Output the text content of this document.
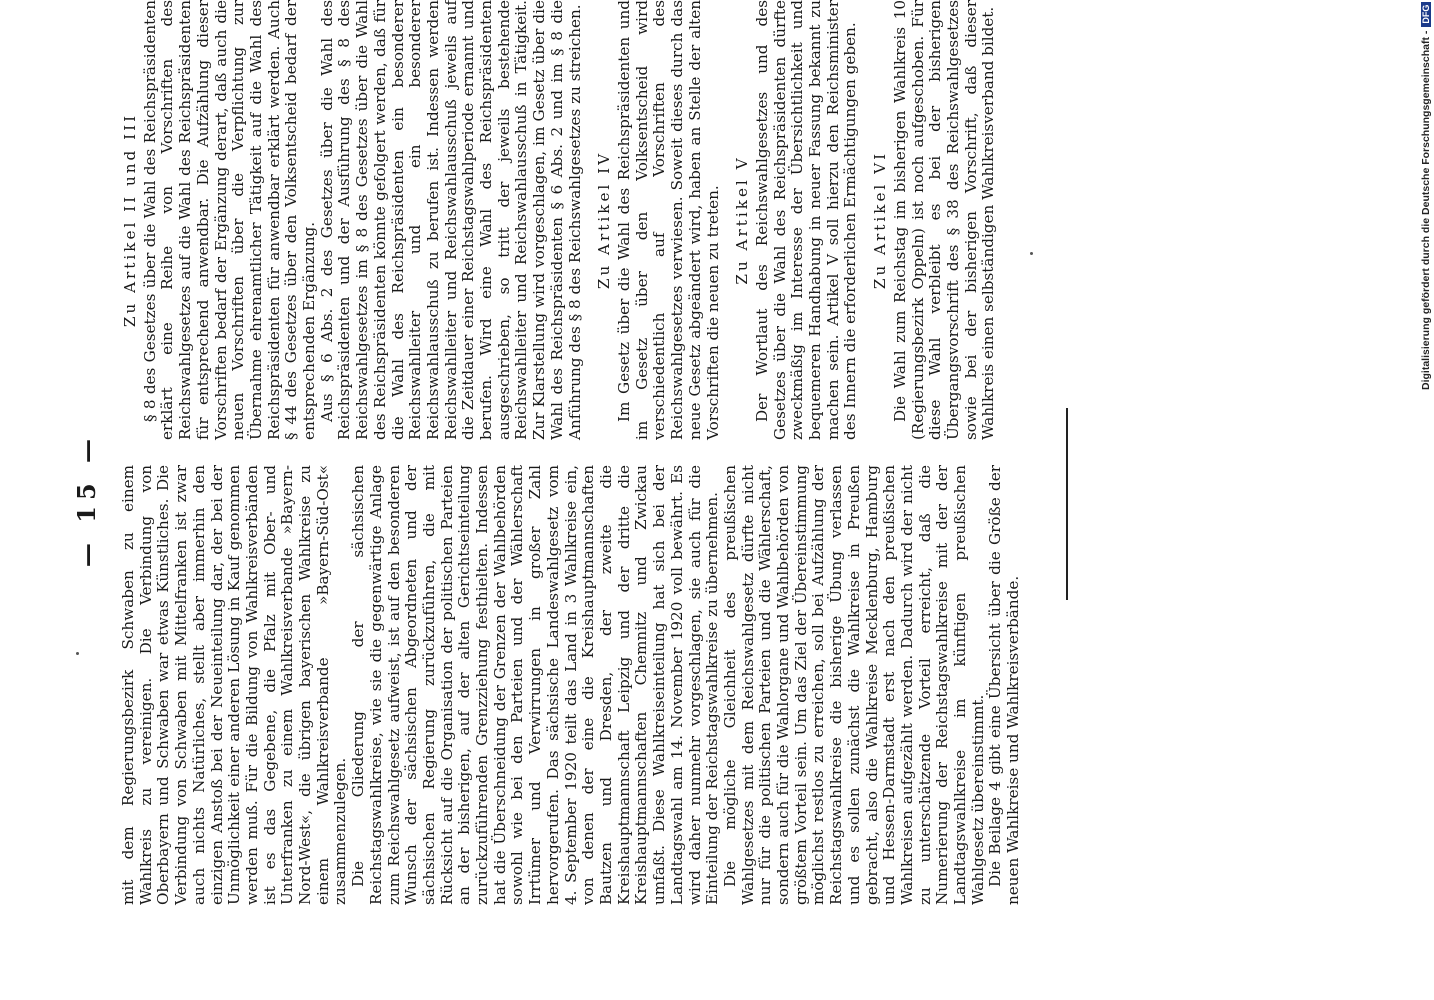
— 15 — mit dem Regierungsbezirk Schwaben zu einem Wahlkreis zu vereinigen. Die Verbindung von Oberbayern und Schwaben war etwas Künstliches. Die Verbindung von Schwaben mit Mittelfranken ist zwar auch nichts Natürliches, stellt aber immerhin den einzigen Anstoß bei der Neueinteilung dar, der bei der Unmöglichkeit einer anderen Lösung in Kauf genommen werden muß. Für die Bildung von Wahlkreisverbänden ist es das Gegebene, die Pfalz mit Ober- und Unterfranken zu einem Wahlkreisverbande »Bayern-Nord-West«, die übrigen bayerischen Wahlkreise zu einem Wahlkreisverbande »Bayern-Süd-Ost« zusammenzulegen. Die Gliederung der sächsischen Reichstagswahlkreise, wie sie die gegenwärtige Anlage zum Reichswahlgesetz aufweist, ist auf den besonderen Wunsch der sächsischen Abgeordneten und der sächsischen Regierung zurückzuführen, die mit Rücksicht auf die Organisation der politischen Parteien an der bisherigen, auf der alten Gerichtseinteilung zurückzuführenden Grenzziehung festhielten. Indessen hat die Überschneidung der Grenzen der Wahlbehörden sowohl wie bei den Parteien und der Wählerschaft Irrtümer und Verwirrungen in großer Zahl hervorgerufen. Das sächsische Landeswahlgesetz vom 4. September 1920 teilt das Land in 3 Wahlkreise ein, von denen der eine die Kreishauptmannschaften Bautzen und Dresden, der zweite die Kreishauptmannschaft Leipzig und der dritte die Kreishauptmannschaften Chemnitz und Zwickau umfaßt. Diese Wahlkreiseinteilung hat sich bei der Landtagswahl am 14. November 1920 voll bewährt. Es wird daher nunmehr vorgeschlagen, sie auch für die Einteilung der Reichstagswahlkreise zu übernehmen. Die mögliche Gleichheit des preußischen Wahlgesetzes mit dem Reichswahlgesetz dürfte nicht nur für die politischen Parteien und die Wählerschaft, sondern auch für die Wahlorgane und Wahlbehörden von größtem Vorteil sein. Um das Ziel der Übereinstimmung möglichst restlos zu erreichen, soll bei Aufzählung der Reichstagswahlkreise die bisherige Übung verlassen und es sollen zunächst die Wahlkreise in Preußen gebracht, also die Wahlkreise Mecklenburg, Hamburg und Hessen-Darmstadt erst nach den preußischen Wahlkreisen aufgezählt werden. Dadurch wird der nicht zu unterschätzende Vorteil erreicht, daß die Numerierung der Reichstagswahlkreise mit der der Landtagswahlkreise im künftigen preußischen Wahlgesetz übereinstimmt. Die Beilage 4 gibt eine Übersicht über die Größe der neuen Wahlkreise und Wahlkreisverbände.

Zu Artikel II und III § 8 des Gesetzes über die Wahl des Reichspräsidenten erklärt eine Reihe von Vorschriften des Reichswahlgesetzes auf die Wahl des Reichspräsidenten für entsprechend anwendbar. Die Aufzählung dieser Vorschriften bedarf der Ergänzung derart, daß auch die neuen Vorschriften über die Verpflichtung zur Übernahme ehrenamtlicher Tätigkeit auf die Wahl des Reichspräsidenten für anwendbar erklärt werden. Auch § 44 des Gesetzes über den Volksentscheid bedarf der entsprechenden Ergänzung. Aus § 6 Abs. 2 des Gesetzes über die Wahl des Reichspräsidenten und der Ausführung des § 8 des Reichswahlgesetzes im § 8 des Gesetzes über die Wahl des Reichspräsidenten könnte gefolgert werden, daß für die Wahl des Reichspräsidenten ein besonderer Reichswahlleiter und ein besonderer Reichswahlausschuß zu berufen ist. Indessen werden Reichswahlleiter und Reichswahlausschuß jeweils auf die Zeitdauer einer Reichstagswahlperiode ernannt und berufen. Wird eine Wahl des Reichspräsidenten ausgeschrieben, so tritt der jeweils bestehende Reichswahlleiter und Reichswahlausschuß in Tätigkeit. Zur Klarstellung wird vorgeschlagen, im Gesetz über die Wahl des Reichspräsidenten § 6 Abs. 2 und im § 8 die Anführung des § 8 des Reichswahlgesetzes zu streichen. Zu Artikel IV Im Gesetz über die Wahl des Reichspräsidenten und im Gesetz über den Volksentscheid wird verschiedentlich auf Vorschriften des Reichswahlgesetzes verwiesen. Soweit dieses durch das neue Gesetz abgeändert wird, haben an Stelle der alten Vorschriften die neuen zu treten. Zu Artikel V Der Wortlaut des Reichswahlgesetzes und des Gesetzes über die Wahl des Reichspräsidenten dürfte zweckmäßig im Interesse der Übersichtlichkeit und bequemeren Handhabung in neuer Fassung bekannt zu machen sein. Artikel V soll hierzu den Reichsminister des Innern die erforderlichen Ermächtigungen geben. Zu Artikel VI Die Wahl zum Reichstag im bisherigen Wahlkreis 10 (Regierungsbezirk Oppeln) ist noch aufgeschoben. Für diese Wahl verbleibt es bei der bisherigen Übergangsvorschrift des § 38 des Reichswahlgesetzes sowie bei der bisherigen Vorschrift, daß dieser Wahlkreis einen selbständigen Wahlkreisverband bildet.	Digitalisierung gefördert durch die Deutsche Forschungsgemeinschaft -
DFG
